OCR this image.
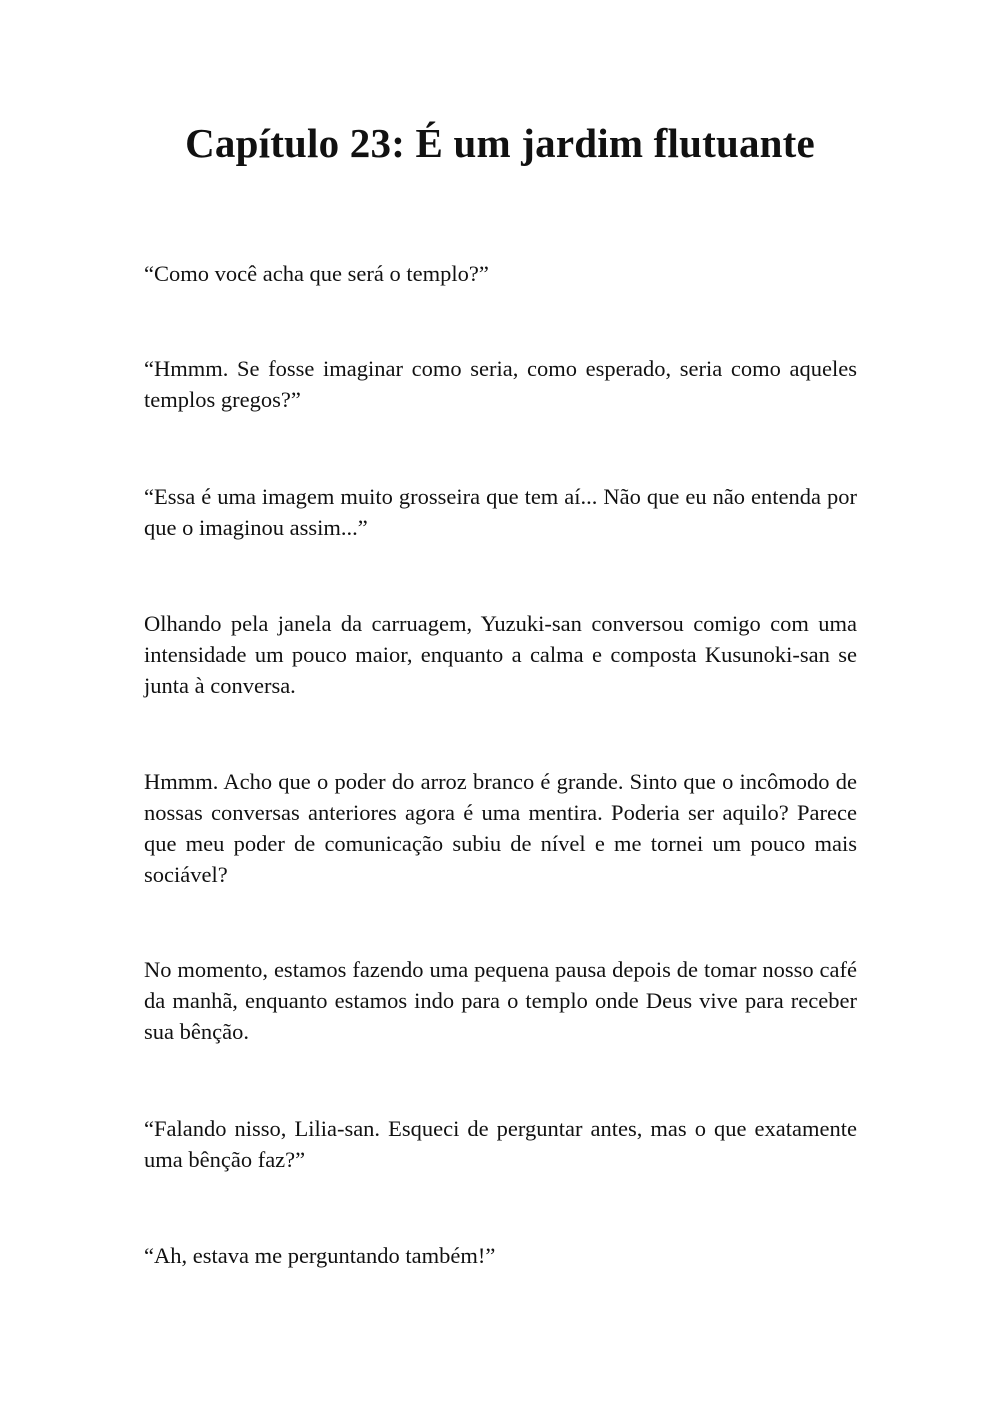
Capítulo 23: É um jardim flutuante

“Como você acha que será o templo?”

“Hmmm. Se fosse imaginar como seria, como esperado, seria como aqueles templos gregos?”

“Essa é uma imagem muito grosseira que tem aí... Não que eu não entenda por que o imaginou assim...”

Olhando pela janela da carruagem, Yuzuki-san conversou comigo com uma intensidade um pouco maior, enquanto a calma e composta Kusunoki-san se junta à conversa.

Hmmm. Acho que o poder do arroz branco é grande. Sinto que o incômodo de nossas conversas anteriores agora é uma mentira. Poderia ser aquilo? Parece que meu poder de comunicação subiu de nível e me tornei um pouco mais sociável?

No momento, estamos fazendo uma pequena pausa depois de tomar nosso café da manhã, enquanto estamos indo para o templo onde Deus vive para receber sua bênção.

“Falando nisso, Lilia-san. Esqueci de perguntar antes, mas o que exatamente uma bênção faz?”

“Ah, estava me perguntando também!”
